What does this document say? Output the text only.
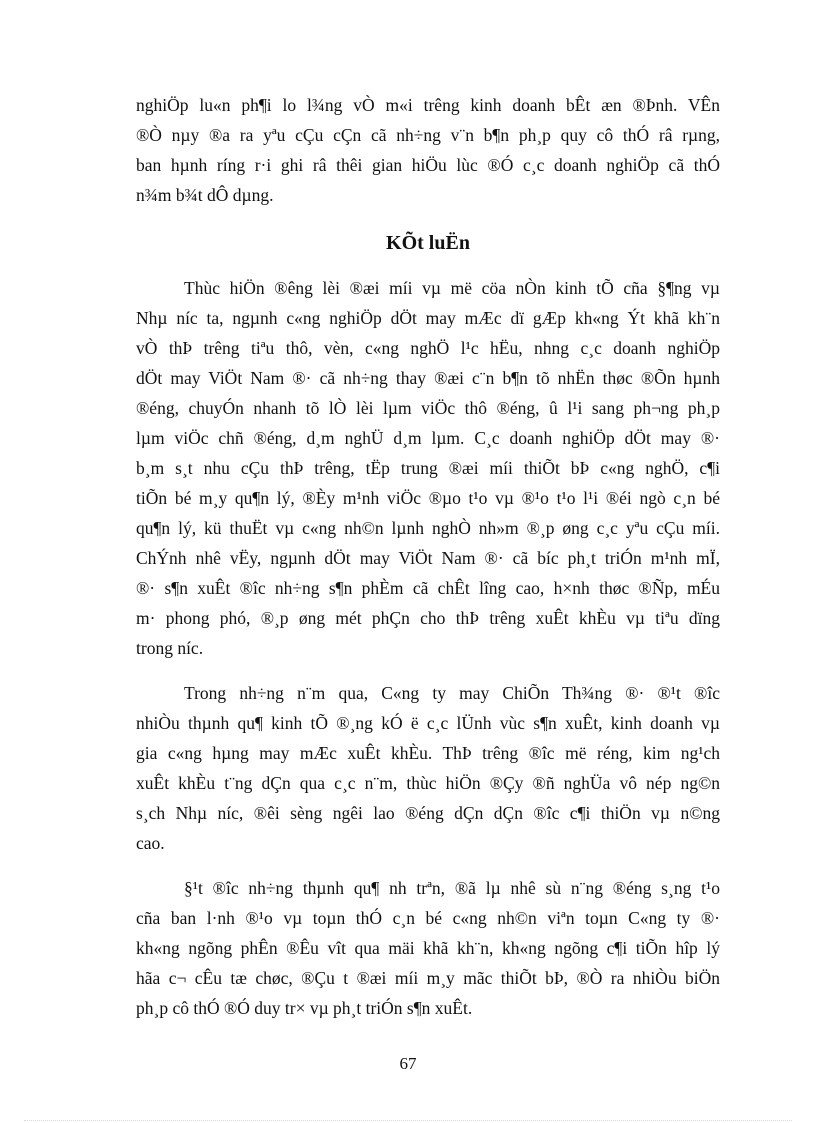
nghiÖp lu«n ph¶i lo l¾ng vÒ m«i trêng kinh doanh bÊt æn ®Þnh. VÊn
®Ò nµy ®a ra yªu cÇu cÇn cã nh÷ng v¨n b¶n ph¸p quy cô thÓ râ rµng,
ban hµnh ríng r·i ghi râ thêi gian hiÖu lùc ®Ó c¸c doanh nghiÖp cã thÓ
n¾m b¾t dÔ dµng.
KÕt luËn
Thùc hiÖn ®êng lèi ®æi míi vµ më cöa nÒn kinh tÕ cña §¶ng vµ
Nhµ níc ta, ngµnh c«ng nghiÖp dÖt may mÆc dï gÆp kh«ng Ýt khã kh¨n
vÒ thÞ trêng tiªu thô, vèn, c«ng nghÖ l¹c hËu, nhng c¸c doanh nghiÖp
dÖt may ViÖt Nam ®· cã nh÷ng thay ®æi c¨n b¶n tõ nhËn thøc ®Õn hµnh
®éng, chuyÓn nhanh tõ lÒ lèi lµm viÖc thô ®éng, û l¹i sang ph¬ng ph¸p
lµm viÖc chñ ®éng, d¸m nghÜ d¸m lµm. C¸c doanh nghiÖp dÖt may ®·
b¸m s¸t nhu cÇu thÞ trêng, tËp trung ®æi míi thiÕt bÞ c«ng nghÖ, c¶i
tiÕn bé m¸y qu¶n lý, ®Èy m¹nh viÖc ®µo t¹o vµ ®¹o t¹o l¹i ®éi ngò c¸n bé
qu¶n lý, kü thuËt vµ c«ng nh©n lµnh nghÒ nh»m ®¸p øng c¸c yªu cÇu míi.
ChÝnh nhê vËy, ngµnh dÖt may ViÖt Nam ®· cã bíc ph¸t triÓn m¹nh mÏ,
®· s¶n xuÊt ®îc nh÷ng s¶n phÈm cã chÊt lîng cao, h×nh thøc ®Ñp, mÉu
m· phong phó, ®¸p øng mét phÇn cho thÞ trêng xuÊt khÈu vµ tiªu dïng
trong níc.
Trong nh÷ng n¨m qua, C«ng ty may ChiÕn Th¾ng ®· ®¹t ®îc
nhiÒu thµnh qu¶ kinh tÕ ®¸ng kÓ ë c¸c lÜnh vùc s¶n xuÊt, kinh doanh vµ
gia c«ng hµng may mÆc xuÊt khÈu. ThÞ trêng ®îc më réng, kim ng¹ch
xuÊt khÈu t¨ng dÇn qua c¸c n¨m, thùc hiÖn ®Çy ®ñ nghÜa vô nép ng©n
s¸ch Nhµ níc, ®êi sèng ngêi lao ®éng dÇn dÇn ®îc c¶i thiÖn vµ n©ng
cao.
§¹t ®îc nh÷ng thµnh qu¶ nh trªn, ®ã lµ nhê sù n¨ng ®éng s¸ng t¹o
cña ban l·nh ®¹o vµ toµn thÓ c¸n bé c«ng nh©n viªn toµn C«ng ty ®·
kh«ng ngõng phÊn ®Êu vît qua mäi khã kh¨n, kh«ng ngõng c¶i tiÕn hîp lý
hãa c¬ cÊu tæ chøc, ®Çu t ®æi míi m¸y mãc thiÕt bÞ, ®Ò ra nhiÒu biÖn
ph¸p cô thÓ ®Ó duy tr× vµ ph¸t triÓn s¶n xuÊt.
67
